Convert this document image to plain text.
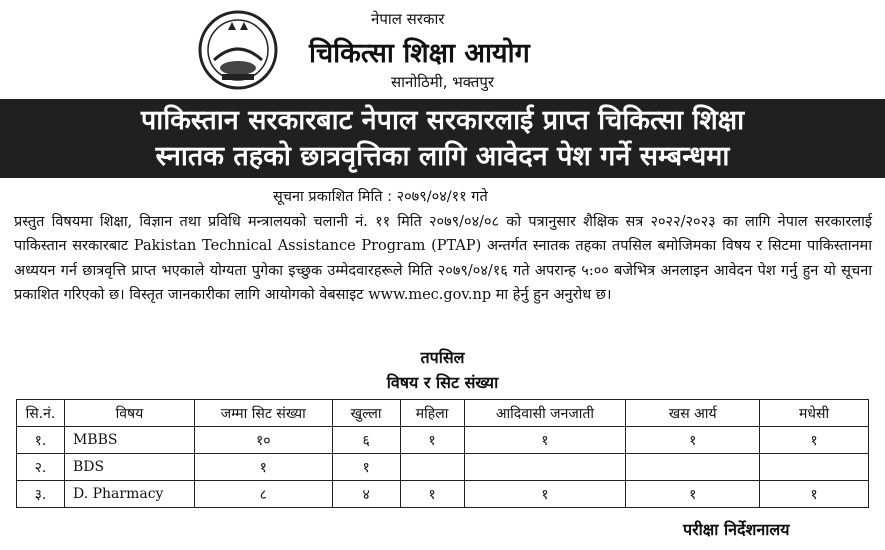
नेपाल सरकार
चिकित्सा शिक्षा आयोग
सानोठिमी, भक्तपुर
पाकिस्तान सरकारबाट नेपाल सरकारलाई प्राप्त चिकित्सा शिक्षा
स्नातक तहको छात्रवृत्तिका लागि आवेदन पेश गर्ने सम्बन्धमा
सूचना प्रकाशित मिति : २०७९/०४/११ गते
प्रस्तुत विषयमा शिक्षा, विज्ञान तथा प्रविधि मन्त्रालयको चलानी नं. ११ मिति २०७९/०४/०८ को पत्रानुसार शैक्षिक सत्र २०२२/२०२३ का लागि नेपाल सरकारलाई पाकिस्तान सरकारबाट Pakistan Technical Assistance Program (PTAP) अन्तर्गत स्नातक तहका तपसिल बमोजिमका विषय र सिटमा पाकिस्तानमा अध्ययन गर्न छात्रवृत्ति प्राप्त भएकाले योग्यता पुगेका इच्छुक उम्मेदवारहरूले मिति २०७९/०४/१६ गते अपरान्ह ५:०० बजेभित्र अनलाइन आवेदन पेश गर्नु हुन यो सूचना प्रकाशित गरिएको छ। विस्तृत जानकारीका लागि आयोगको वेबसाइट www.mec.gov.np मा हेर्नु हुन अनुरोध छ।
तपसिल
विषय र सिट संख्या
सि.नं.	विषय	जम्मा सिट संख्या	खुल्ला	महिला	आदिवासी जनजाती	खस आर्य	मधेसी
१.	MBBS	१०	६	१	१	१	१
२.	BDS	१	१				
३.	D. Pharmacy	८	४	१	१	१	१
परीक्षा निर्देशनालय
